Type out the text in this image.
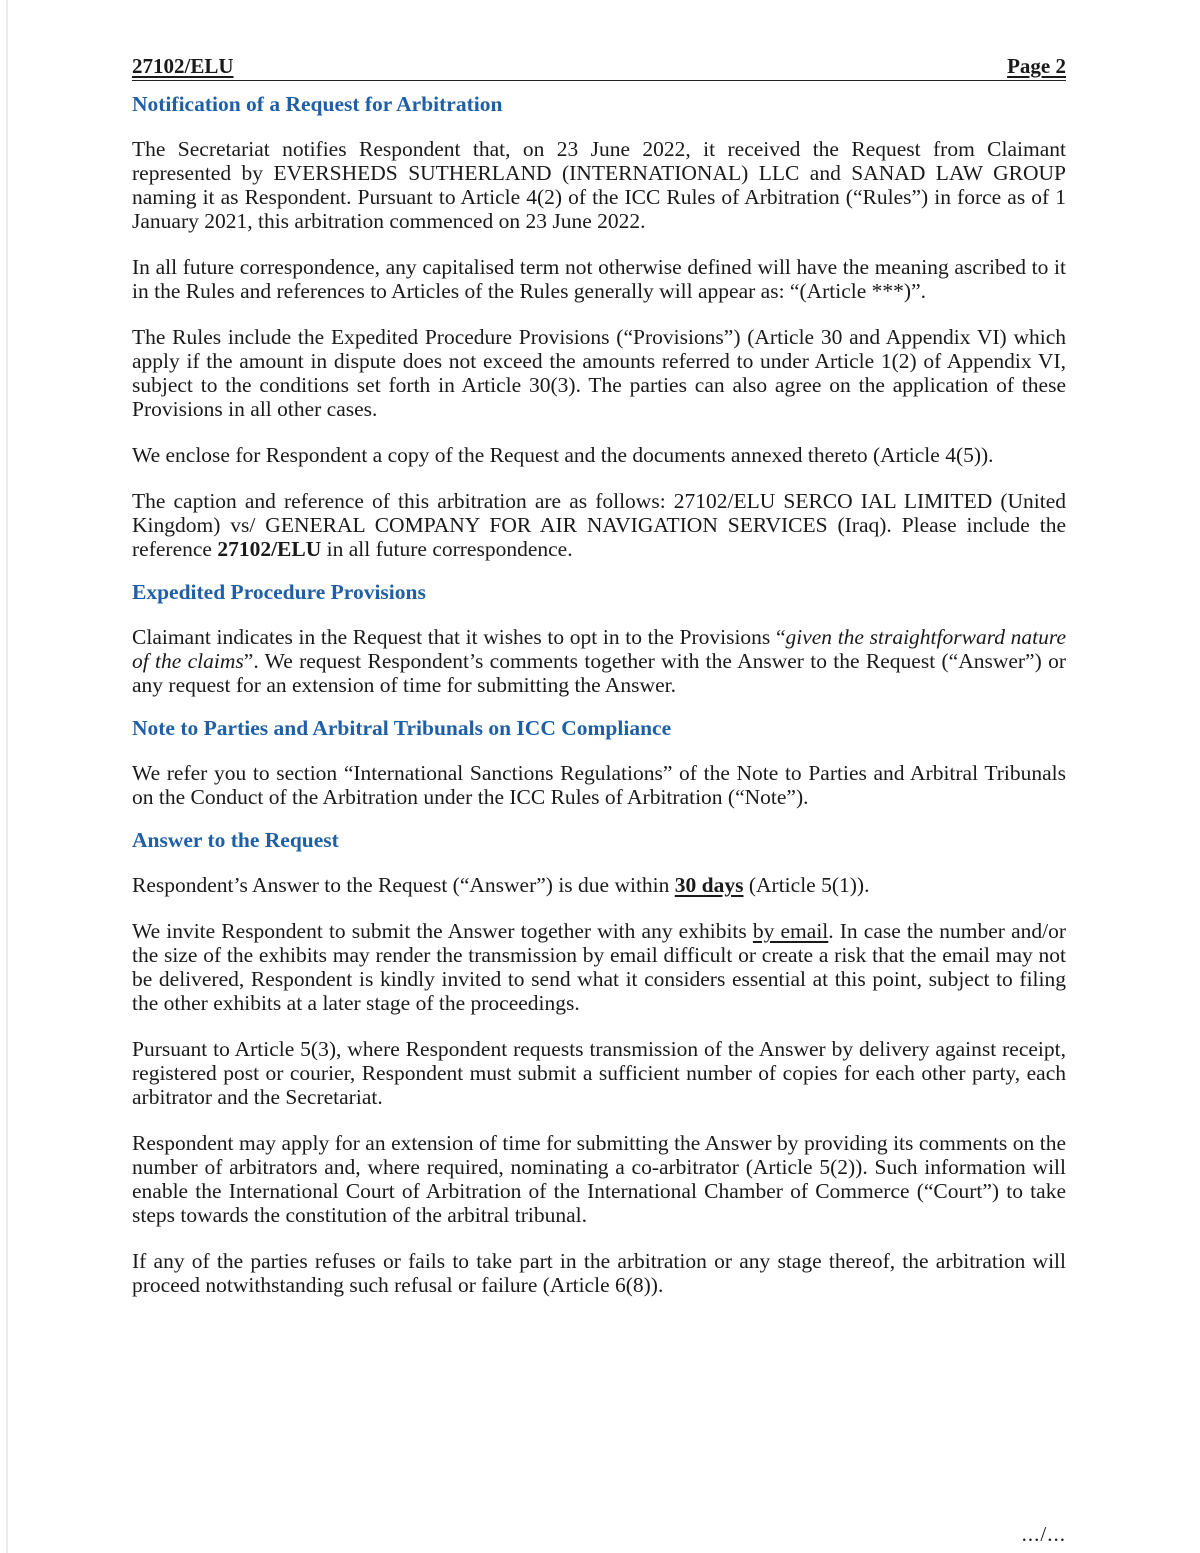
27102/ELU	Page 2
Notification of a Request for Arbitration

The Secretariat notifies Respondent that, on 23 June 2022, it received the Request from Claimant represented by EVERSHEDS SUTHERLAND (INTERNATIONAL) LLC and SANAD LAW GROUP naming it as Respondent. Pursuant to Article 4(2) of the ICC Rules of Arbitration (“Rules”) in force as of 1 January 2021, this arbitration commenced on 23 June 2022.

In all future correspondence, any capitalised term not otherwise defined will have the meaning ascribed to it in the Rules and references to Articles of the Rules generally will appear as: “(Article ***)”.

The Rules include the Expedited Procedure Provisions (“Provisions”) (Article 30 and Appendix VI) which apply if the amount in dispute does not exceed the amounts referred to under Article 1(2) of Appendix VI, subject to the conditions set forth in Article 30(3). The parties can also agree on the application of these Provisions in all other cases.

We enclose for Respondent a copy of the Request and the documents annexed thereto (Article 4(5)).

The caption and reference of this arbitration are as follows: 27102/ELU SERCO IAL LIMITED (United Kingdom) vs/ GENERAL COMPANY FOR AIR NAVIGATION SERVICES (Iraq). Please include the reference 27102/ELU in all future correspondence.

Expedited Procedure Provisions

Claimant indicates in the Request that it wishes to opt in to the Provisions “given the straightforward nature of the claims”. We request Respondent’s comments together with the Answer to the Request (“Answer”) or any request for an extension of time for submitting the Answer.

Note to Parties and Arbitral Tribunals on ICC Compliance

We refer you to section “International Sanctions Regulations” of the Note to Parties and Arbitral Tribunals on the Conduct of the Arbitration under the ICC Rules of Arbitration (“Note”).

Answer to the Request

Respondent’s Answer to the Request (“Answer”) is due within 30 days (Article 5(1)).

We invite Respondent to submit the Answer together with any exhibits by email. In case the number and/or the size of the exhibits may render the transmission by email difficult or create a risk that the email may not be delivered, Respondent is kindly invited to send what it considers essential at this point, subject to filing the other exhibits at a later stage of the proceedings.

Pursuant to Article 5(3), where Respondent requests transmission of the Answer by delivery against receipt, registered post or courier, Respondent must submit a sufficient number of copies for each other party, each arbitrator and the Secretariat.

Respondent may apply for an extension of time for submitting the Answer by providing its comments on the number of arbitrators and, where required, nominating a co-arbitrator (Article 5(2)). Such information will enable the International Court of Arbitration of the International Chamber of Commerce (“Court”) to take steps towards the constitution of the arbitral tribunal.

If any of the parties refuses or fails to take part in the arbitration or any stage thereof, the arbitration will proceed notwithstanding such refusal or failure (Article 6(8)).

.../...
